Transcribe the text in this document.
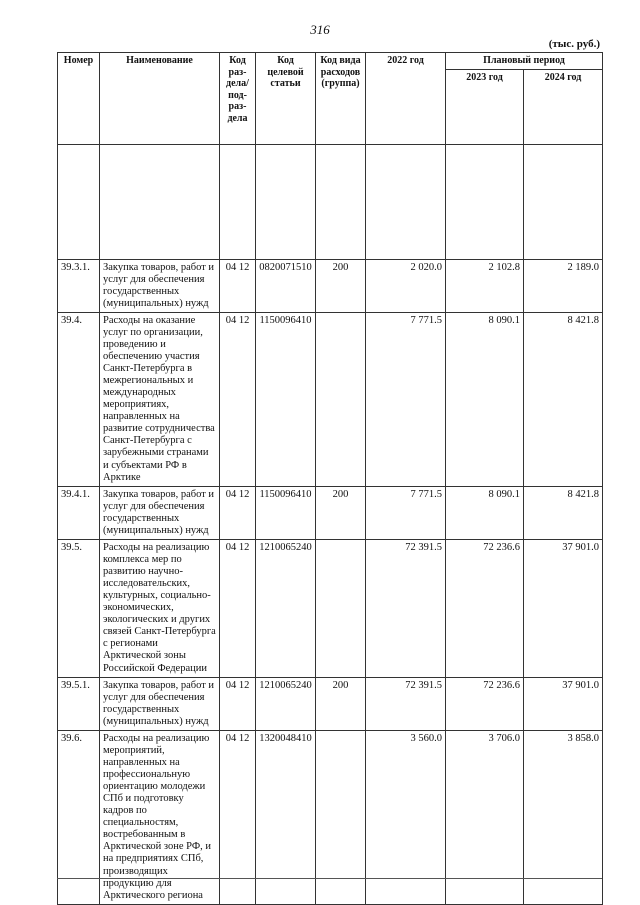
316
(тыс. руб.)
Номер	Наименование	Код раз-дела/ под-раз-дела	Код целевой статьи	Код вида расходов (группа)	2022 год	Плановый период	
						2023 год	2024 год

39.3.1.	Закупка товаров, работ и услуг для обеспечения государственных (муниципальных) нужд	04 12	0820071510	200	2 020.0	2 102.8	2 189.0
39.4.	Расходы на оказание услуг по организации, проведению и обеспечению участия Санкт-Петербурга в межрегиональных и международных мероприятиях, направленных на развитие сотрудничества Санкт-Петербурга с зарубежными странами и субъектами РФ в Арктике	04 12	1150096410		7 771.5	8 090.1	8 421.8
39.4.1.	Закупка товаров, работ и услуг для обеспечения государственных (муниципальных) нужд	04 12	1150096410	200	7 771.5	8 090.1	8 421.8
39.5.	Расходы на реализацию комплекса мер по развитию научно-исследовательских, культурных, социально-экономических, экологических и других связей Санкт-Петербурга с регионами Арктической зоны Российской Федерации	04 12	1210065240		72 391.5	72 236.6	37 901.0
39.5.1.	Закупка товаров, работ и услуг для обеспечения государственных (муниципальных) нужд	04 12	1210065240	200	72 391.5	72 236.6	37 901.0
39.6.	Расходы на реализацию мероприятий, направленных на профессиональную ориентацию молодежи СПб и подготовку кадров по специальностям, востребованным в Арктической зоне РФ, и на предприятиях СПб, производящих продукцию для Арктического региона	04 12	1320048410		3 560.0	3 706.0	3 858.0
